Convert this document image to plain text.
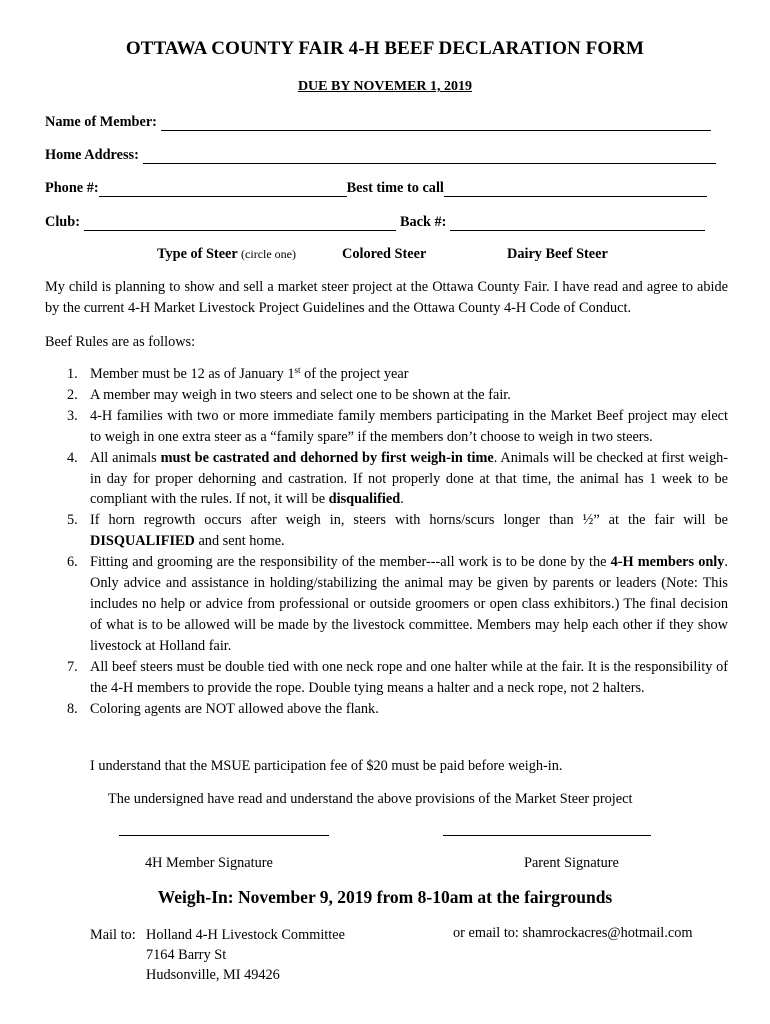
OTTAWA COUNTY FAIR 4-H BEEF DECLARATION FORM
DUE BY NOVEMER 1, 2019
Name of Member:
Home Address:
Phone #:	Best time to call
Club:	Back #:
Type of Steer (circle one)	Colored Steer	Dairy Beef Steer
My child is planning to show and sell a market steer project at the Ottawa County Fair. I have read and agree to abide by the current 4-H Market Livestock Project Guidelines and the Ottawa County 4-H Code of Conduct.
Beef Rules are as follows:
1. Member must be 12 as of January 1st of the project year
2. A member may weigh in two steers and select one to be shown at the fair.
3. 4-H families with two or more immediate family members participating in the Market Beef project may elect to weigh in one extra steer as a “family spare” if the members don’t choose to weigh in two steers.
4. All animals must be castrated and dehorned by first weigh-in time. Animals will be checked at first weigh-in day for proper dehorning and castration. If not properly done at that time, the animal has 1 week to be compliant with the rules. If not, it will be disqualified.
5. If horn regrowth occurs after weigh in, steers with horns/scurs longer than ½” at the fair will be DISQUALIFIED and sent home.
6. Fitting and grooming are the responsibility of the member---all work is to be done by the 4-H members only. Only advice and assistance in holding/stabilizing the animal may be given by parents or leaders (Note: This includes no help or advice from professional or outside groomers or open class exhibitors.) The final decision of what is to be allowed will be made by the livestock committee. Members may help each other if they show livestock at Holland fair.
7. All beef steers must be double tied with one neck rope and one halter while at the fair. It is the responsibility of the 4-H members to provide the rope. Double tying means a halter and a neck rope, not 2 halters.
8. Coloring agents are NOT allowed above the flank.
I understand that the MSUE participation fee of $20 must be paid before weigh-in.
The undersigned have read and understand the above provisions of the Market Steer project
4H Member Signature	Parent Signature
Weigh-In: November 9, 2019 from 8-10am at the fairgrounds
Mail to: Holland 4-H Livestock Committee
7164 Barry St
Hudsonville, MI 49426
or email to: shamrockacres@hotmail.com
